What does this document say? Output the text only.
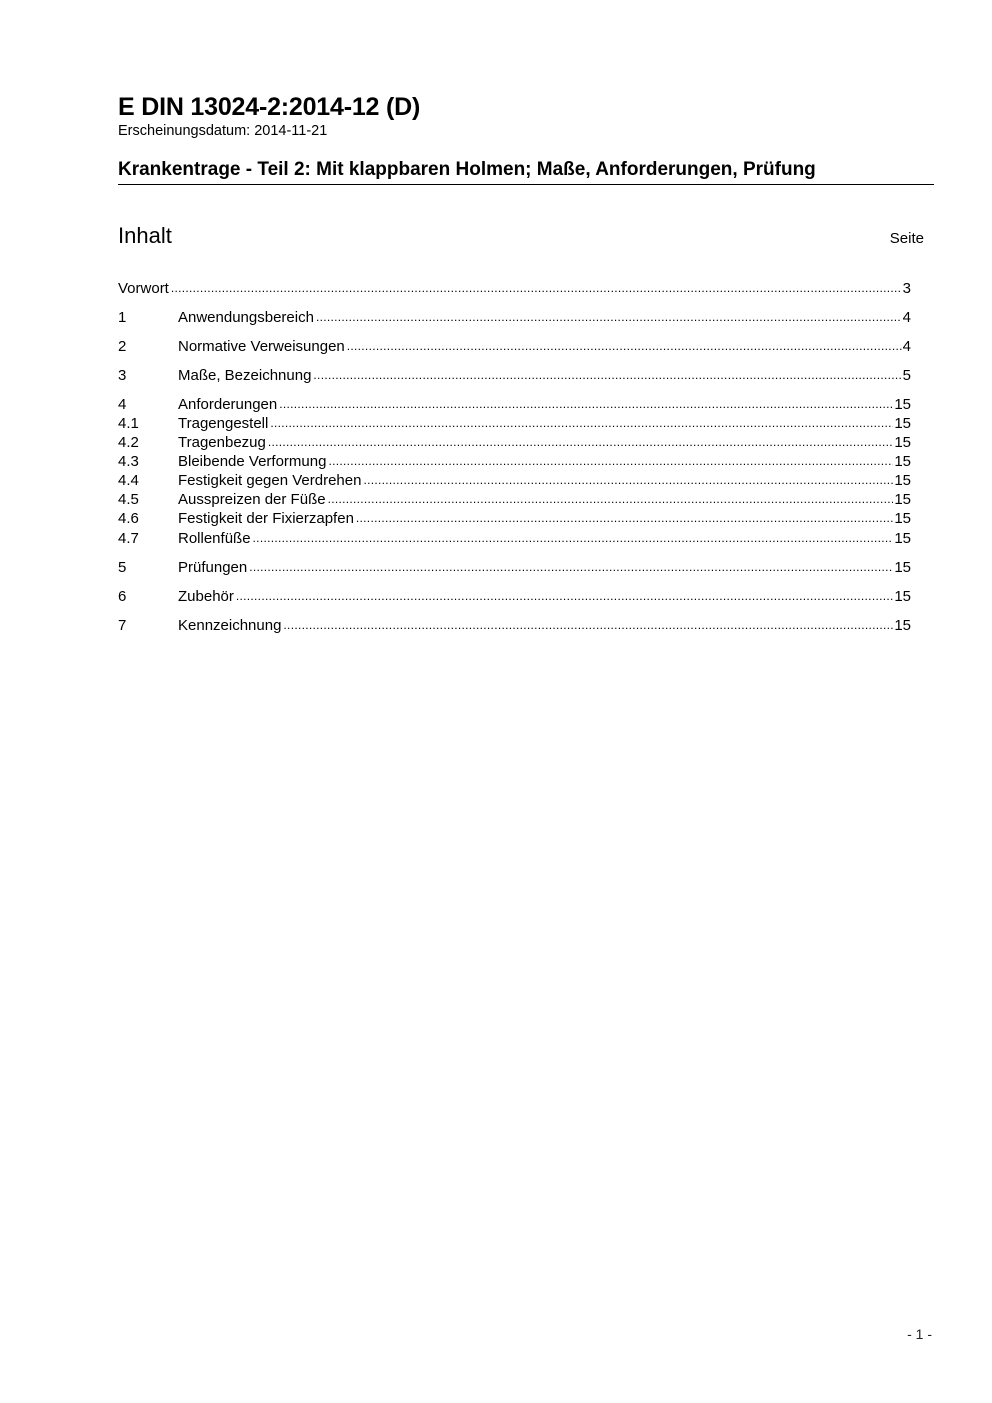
E DIN 13024-2:2014-12 (D)
Erscheinungsdatum: 2014-11-21
Krankentrage - Teil 2: Mit klappbaren Holmen; Maße, Anforderungen, Prüfung
Inhalt	Seite
Vorwort .....	3
1	Anwendungsbereich .....	4
2	Normative Verweisungen .....	4
3	Maße, Bezeichnung .....	5
4	Anforderungen .....	15
4.1	Tragengestell .....	15
4.2	Tragenbezug .....	15
4.3	Bleibende Verformung .....	15
4.4	Festigkeit gegen Verdrehen .....	15
4.5	Ausspreizen der Füße .....	15
4.6	Festigkeit der Fixierzapfen .....	15
4.7	Rollenfüße .....	15
5	Prüfungen .....	15
6	Zubehör .....	15
7	Kennzeichnung .....	15
- 1 -
